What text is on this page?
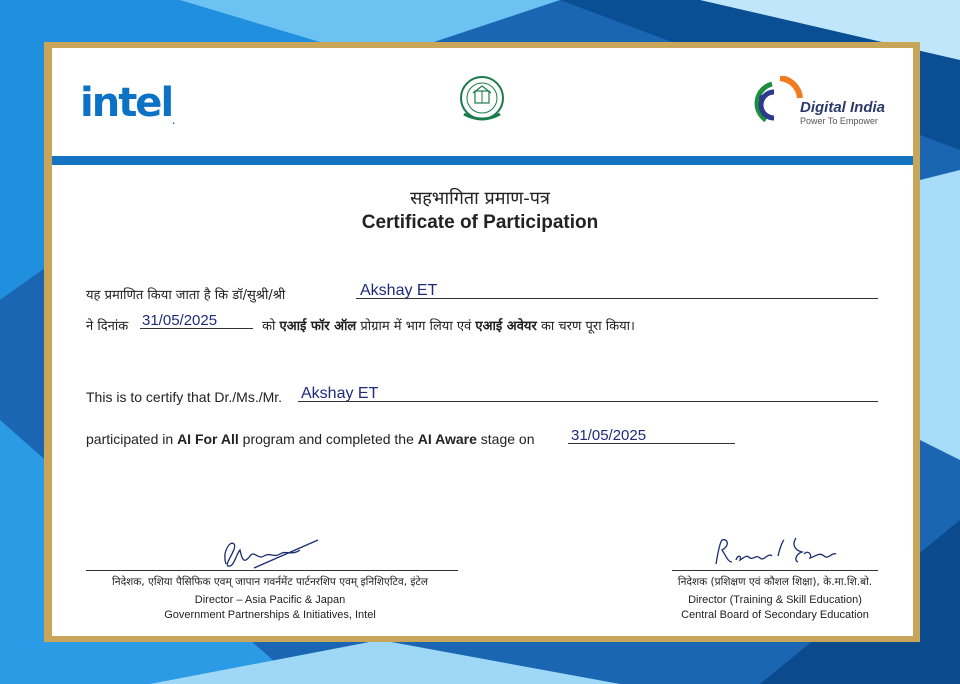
intel.
Digital India
Power To Empower
सहभागिता प्रमाण-पत्र
Certificate of Participation
यह प्रमाणित किया जाता है कि डॉ/सुश्री/श्री	Akshay ET
ने दिनांक 31/05/2025	को एआई फॉर ऑल प्रोग्राम में भाग लिया एवं एआई अवेयर का चरण पूरा किया।
This is to certify that Dr./Ms./Mr. Akshay ET
participated in AI For All program and completed the AI Aware stage on 31/05/2025
निदेशक, एशिया पैसिफिक एवम् जापान गवर्नमेंट पार्टनरशिप एवम् इनिशिएटिव, इंटेल
Director – Asia Pacific & Japan
Government Partnerships & Initiatives, Intel
निदेशक (प्रशिक्षण एवं कौशल शिक्षा), के.मा.शि.बो.
Director (Training & Skill Education)
Central Board of Secondary Education
